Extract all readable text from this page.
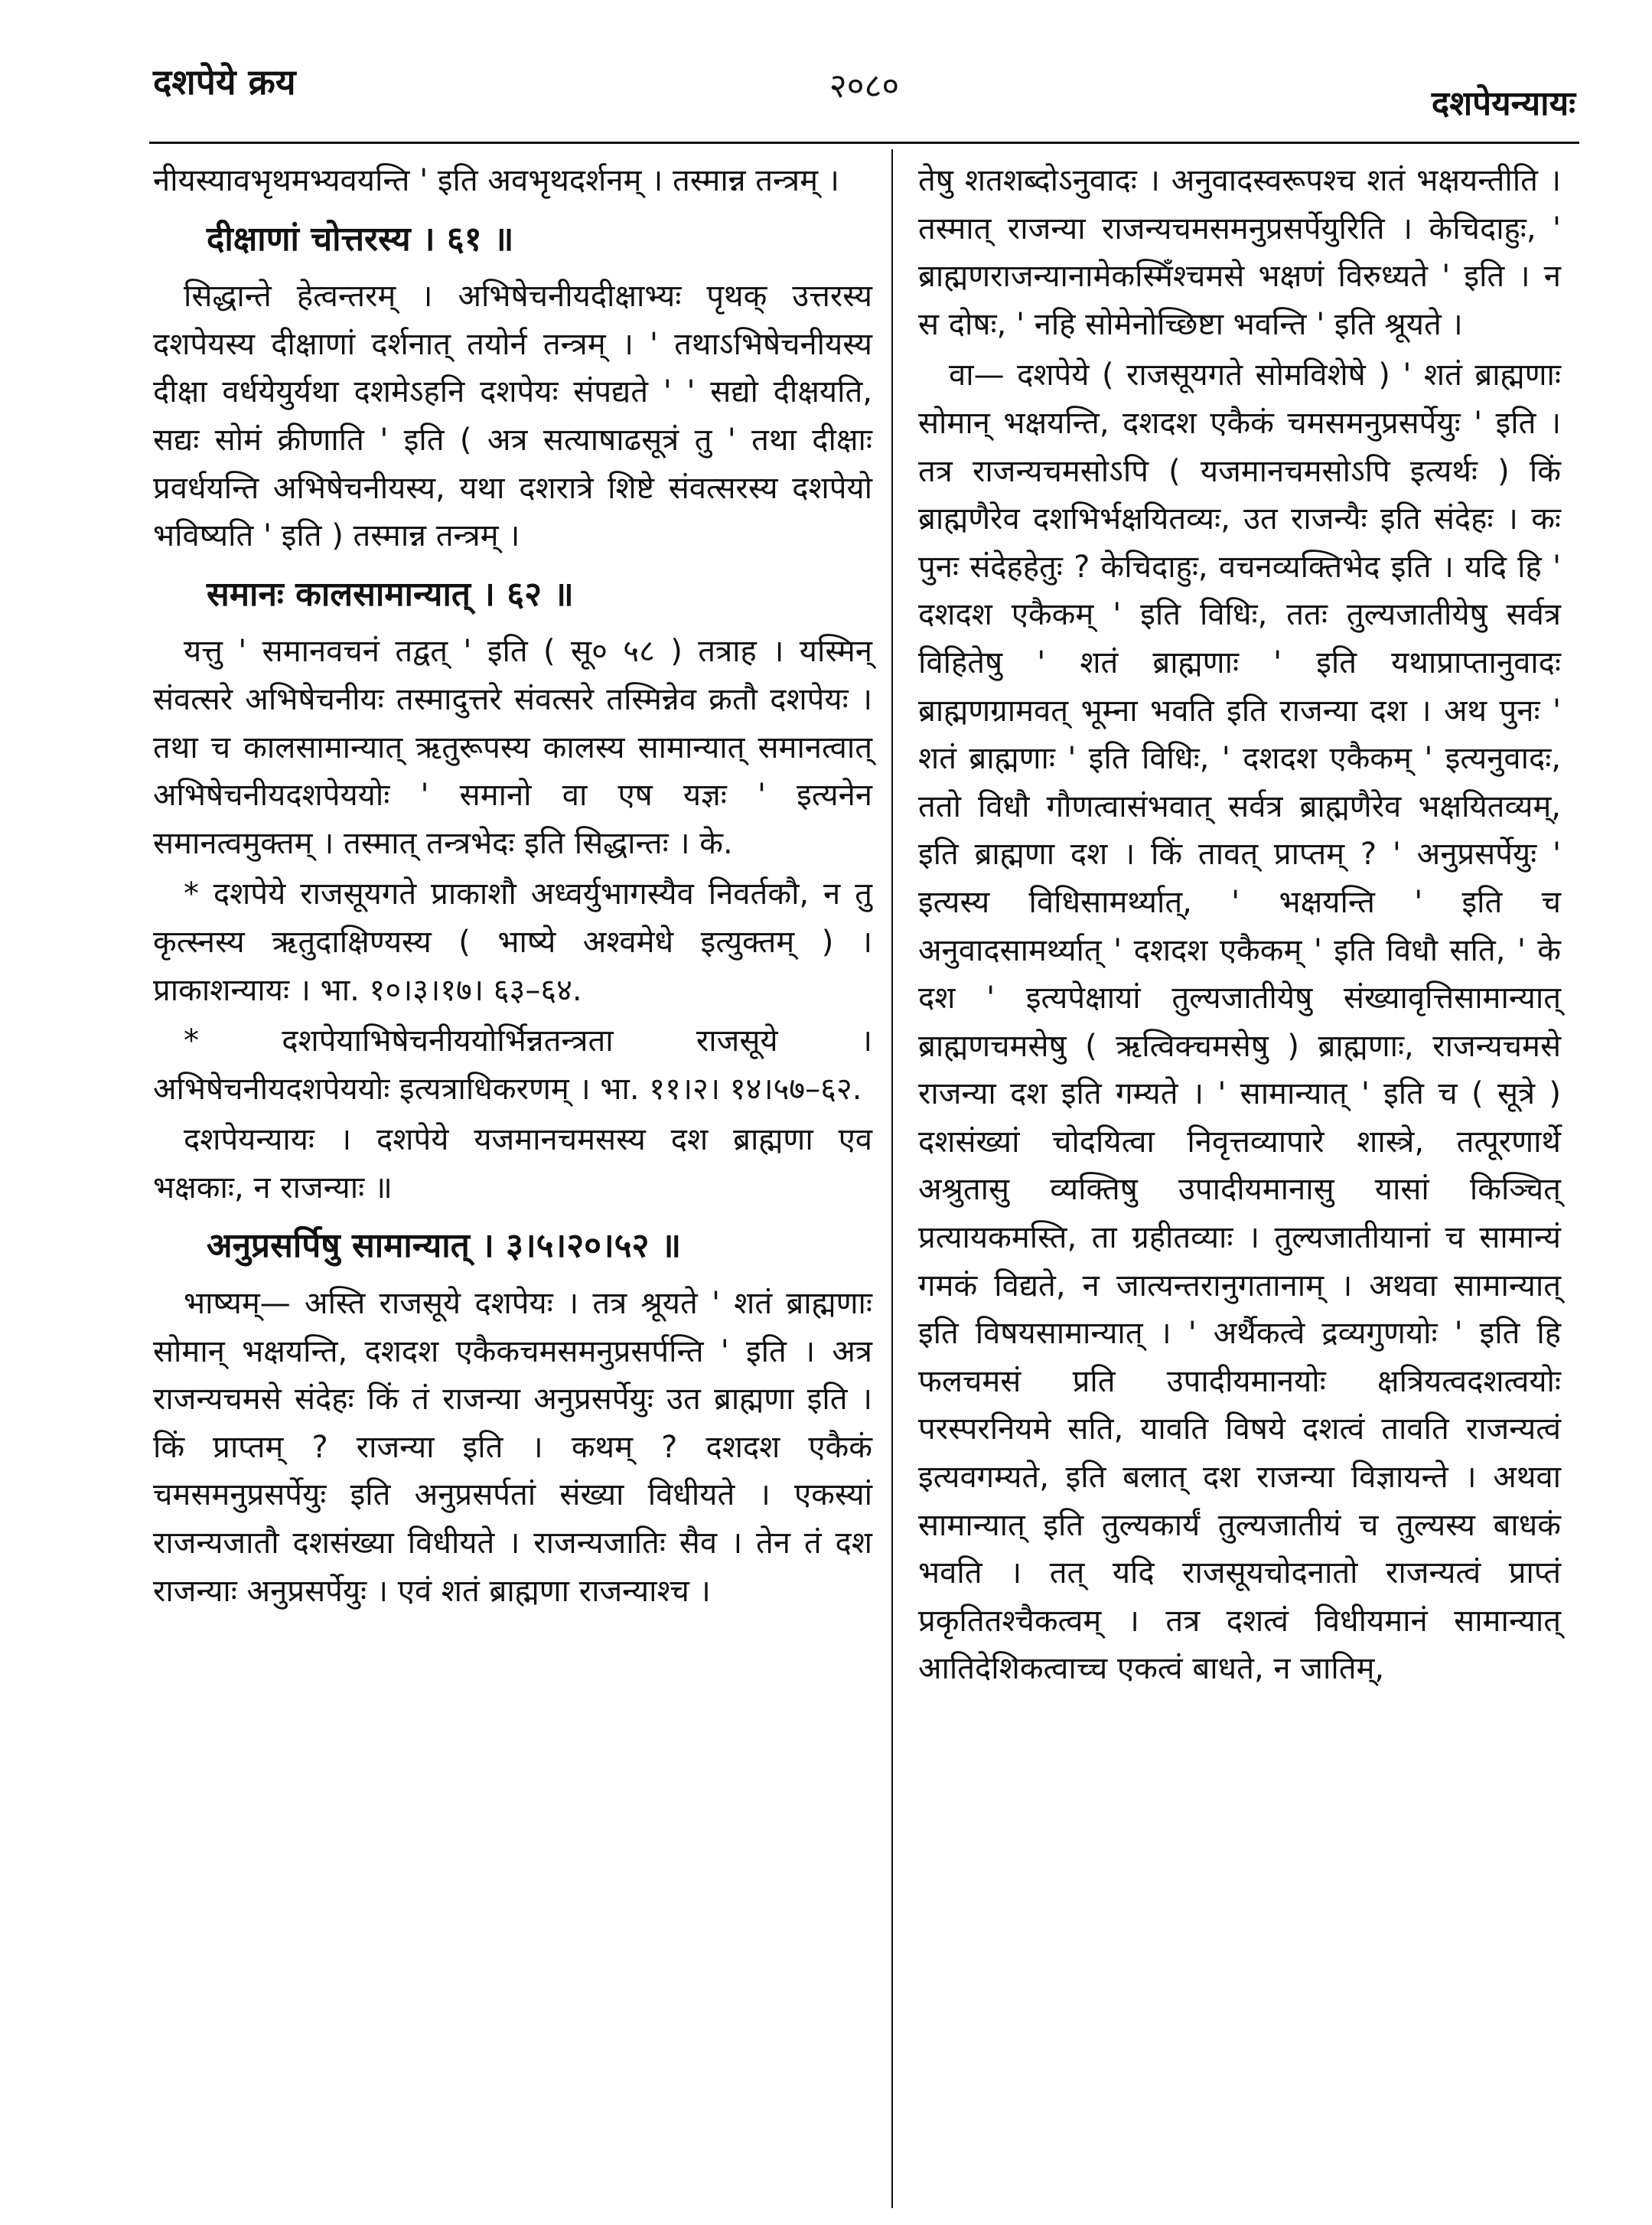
दशपेये क्रय	२०८०	दशपेयन्यायः

नीयस्यावभृथमभ्यवयन्ति ' इति अवभृथदर्शनम् । तस्मान्न तन्त्रम् ।

दीक्षाणां चोत्तरस्य । ६१ ॥

सिद्धान्ते हेत्वन्तरम् । अभिषेचनीयदीक्षाभ्यः पृथक् उत्तरस्य दशपेयस्य दीक्षाणां दर्शनात् तयोर्न तन्त्रम् । ' तथाऽभिषेचनीयस्य दीक्षा वर्धयेयुर्यथा दशमेऽहनि दशपेयः संपद्यते ' ' सद्यो दीक्षयति, सद्यः सोमं क्रीणाति ' इति ( अत्र सत्याषाढसूत्रं तु ' तथा दीक्षाः प्रवर्धयन्ति अभिषेचनीयस्य, यथा दशरात्रे शिष्टे संवत्सरस्य दशपेयो भविष्यति ' इति ) तस्मान्न तन्त्रम् ।

समानः कालसामान्यात् । ६२ ॥

यत्तु ' समानवचनं तद्वत् ' इति ( सू० ५८ ) तत्राह । यस्मिन् संवत्सरे अभिषेचनीयः तस्मादुत्तरे संवत्सरे तस्मिन्नेव क्रतौ दशपेयः । तथा च कालसामान्यात् ऋतुरूपस्य कालस्य सामान्यात् समानत्वात् अभिषेचनीयदशपेययोः ' समानो वा एष यज्ञः ' इत्यनेन समानत्वमुक्तम् । तस्मात् तन्त्रभेदः इति सिद्धान्तः । के.

* दशपेये राजसूयगते प्राकाशौ अध्वर्युभागस्यैव निवर्तकौ, न तु कृत्स्नस्य ऋतुदाक्षिण्यस्य ( भाष्ये अश्वमेधे इत्युक्तम् ) । प्राकाशन्यायः । भा. १०।३।१७। ६३–६४.

* दशपेयाभिषेचनीययोर्भिन्नतन्त्रता राजसूये । अभिषेचनीयदशपेययोः इत्यत्राधिकरणम् । भा. ११।२। १४।५७–६२.

दशपेयन्यायः । दशपेये यजमानचमसस्य दश ब्राह्मणा एव भक्षकाः, न राजन्याः ॥

अनुप्रसर्पिषु सामान्यात् । ३।५।२०।५२ ॥

भाष्यम्— अस्ति राजसूये दशपेयः । तत्र श्रूयते ' शतं ब्राह्मणाः सोमान् भक्षयन्ति, दशदश एकैकचमसमनुप्रसर्पन्ति ' इति । अत्र राजन्यचमसे संदेहः किं तं राजन्या अनुप्रसर्पेयुः उत ब्राह्मणा इति । किं प्राप्तम् ? राजन्या इति । कथम् ? दशदश एकैकं चमसमनुप्रसर्पेयुः इति अनुप्रसर्पतां संख्या विधीयते । एकस्यां राजन्यजातौ दशसंख्या विधीयते । राजन्यजातिः सैव । तेन तं दश राजन्याः अनुप्रसर्पेयुः । एवं शतं ब्राह्मणा राजन्याश्च ।

तेषु शतशब्दोऽनुवादः । अनुवादस्वरूपश्च शतं भक्षयन्तीति । तस्मात् राजन्या राजन्यचमसमनुप्रसर्पेयुरिति । केचिदाहुः, ' ब्राह्मणराजन्यानामेकस्मिँश्चमसे भक्षणं विरुध्यते ' इति । न स दोषः, ' नहि सोमेनोच्छिष्टा भवन्ति ' इति श्रूयते ।

वा— दशपेये ( राजसूयगते सोमविशेषे ) ' शतं ब्राह्मणाः सोमान् भक्षयन्ति, दशदश एकैकं चमसमनुप्रसर्पेयुः ' इति । तत्र राजन्यचमसोऽपि ( यजमानचमसोऽपि इत्यर्थः ) किं ब्राह्मणैरेव दशभिर्भक्षयितव्यः, उत राजन्यैः इति संदेहः । कः पुनः संदेहहेतुः ? केचिदाहुः, वचनव्यक्तिभेद इति । यदि हि ' दशदश एकैकम् ' इति विधिः, ततः तुल्यजातीयेषु सर्वत्र विहितेषु ' शतं ब्राह्मणाः ' इति यथाप्राप्तानुवादः ब्राह्मणग्रामवत् भूम्ना भवति इति राजन्या दश । अथ पुनः ' शतं ब्राह्मणाः ' इति विधिः, ' दशदश एकैकम् ' इत्यनुवादः, ततो विधौ गौणत्वासंभवात् सर्वत्र ब्राह्मणैरेव भक्षयितव्यम्, इति ब्राह्मणा दश । किं तावत् प्राप्तम् ? ' अनुप्रसर्पेयुः ' इत्यस्य विधिसामर्थ्यात्, ' भक्षयन्ति ' इति च अनुवादसामर्थ्यात् ' दशदश एकैकम् ' इति विधौ सति, ' के दश ' इत्यपेक्षायां तुल्यजातीयेषु संख्यावृत्तिसामान्यात् ब्राह्मणचमसेषु ( ऋत्विक्चमसेषु ) ब्राह्मणाः, राजन्यचमसे राजन्या दश इति गम्यते । ' सामान्यात् ' इति च ( सूत्रे ) दशसंख्यां चोदयित्वा निवृत्तव्यापारे शास्त्रे, तत्पूरणार्थे अश्रुतासु व्यक्तिषु उपादीयमानासु यासां किञ्चित् प्रत्यायकमस्ति, ता ग्रहीतव्याः । तुल्यजातीयानां च सामान्यं गमकं विद्यते, न जात्यन्तरानुगतानाम् । अथवा सामान्यात् इति विषयसामान्यात् । ' अर्थैकत्वे द्रव्यगुणयोः ' इति हि फलचमसं प्रति उपादीयमानयोः क्षत्रियत्वदशत्वयोः परस्परनियमे सति, यावति विषये दशत्वं तावति राजन्यत्वं इत्यवगम्यते, इति बलात् दश राजन्या विज्ञायन्ते । अथवा सामान्यात् इति तुल्यकार्यं तुल्यजातीयं च तुल्यस्य बाधकं भवति । तत् यदि राजसूयचोदनातो राजन्यत्वं प्राप्तं प्रकृतितश्चैकत्वम् । तत्र दशत्वं विधीयमानं सामान्यात् आतिदेशिकत्वाच्च एकत्वं बाधते, न जातिम्,
